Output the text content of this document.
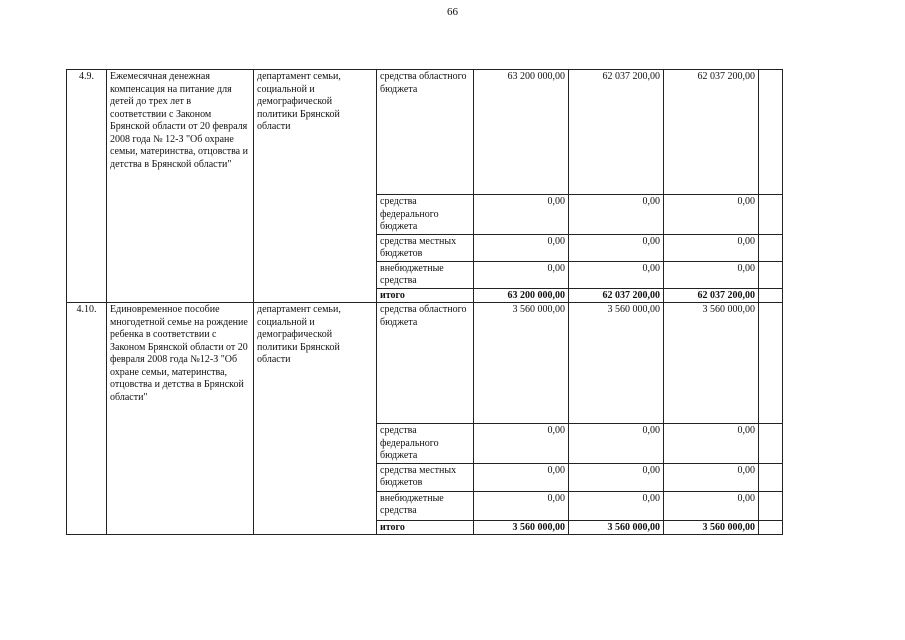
66
4.9.	Ежемесячная денежная компенсация на питание для детей до трех лет в соответствии с Законом Брянской области от 20 февраля 2008 года № 12-З "Об охране семьи, материнства, отцовства и детства в Брянской области"	департамент семьи, социальной и демографической политики Брянской области	средства областного бюджета	63 200 000,00	62 037 200,00	62 037 200,00	
			средства федерального бюджета	0,00	0,00	0,00	
			средства местных бюджетов	0,00	0,00	0,00	
			внебюджетные средства	0,00	0,00	0,00	
			итого	63 200 000,00	62 037 200,00	62 037 200,00	
4.10.	Единовременное пособие многодетной семье на рождение ребенка в соответствии с Законом Брянской области от 20 февраля 2008 года №12-З "Об охране семьи, материнства, отцовства и детства в Брянской области"	департамент семьи, социальной и демографической политики Брянской области	средства областного бюджета	3 560 000,00	3 560 000,00	3 560 000,00	
			средства федерального бюджета	0,00	0,00	0,00	
			средства местных бюджетов	0,00	0,00	0,00	
			внебюджетные средства	0,00	0,00	0,00	
			итого	3 560 000,00	3 560 000,00	3 560 000,00	
